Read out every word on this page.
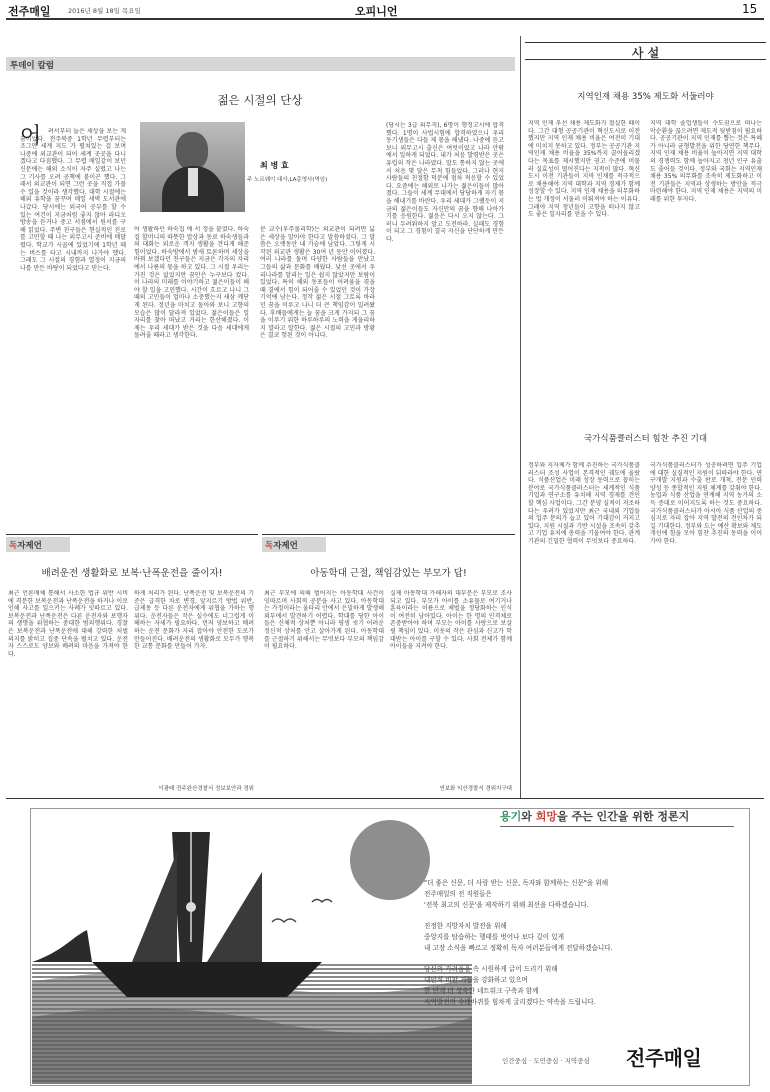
전주매일	2016년 8월 18일 목요일	오피니언	15
투데이 칼럼
젊은 시절의 단상
어	려서부터 늘은 세상을 보는 게 꿈이었다. 전주북중 1학년 무렵부터는 조그만 세계 지도 가 펼쳐있는 걸 보며 나중에 외교관이 되어 세계 곳곳을 다니겠다고 다짐했다. 그 무렵 매일같이 보던 신문에는 해외 소식이 자주 실렸고 나는 그 기사를 오려 공책에 붙이곤 했다. 그래서 외교관이 되면 그런 곳을 직접 가볼 수 있을 것이라 생각했다. 대학 시절에는 해외 유학을 꿈꾸며 매일 새벽 도서관에 나갔다. 당시에는 외국어 공부를 할 수 있는 여건이 지금처럼 좋지 않아 라디오 방송을 듣거나 중고 서점에서 원서를 구해 읽었다. 주변 친구들은 현실적인 진로를 고민할 때 나는 외무고시 준비에 매달렸다. 학교가 시골에 있었기에 1학년 때는 버스를 타고 시내까지 나가야 했다. 그래도 그 시절의 경험과 열정이 지금의 나를 만든 바탕이 되었다고 믿는다.
최 병 효
주 노르웨이 대사,LA총영사(역임)
어 생활하던 하숙집 에 서 정을 붙였다. 하숙집 할머니의 따뜻한 밥상과 동료 하숙생들과의 대화는 외로운 객지 생활을 견디게 해준 힘이었다. 하숙방에서 밤새 토론하며 세상을 바꿔 보겠다던 친구들은 지금은 각자의 자리에서 나름의 몫을 하고 있다. 그 시절 우리는 가진 것은 없었지만 꿈만은 누구보다 컸다. 이 나라의 미래를 이야기하고 젊은이들이 해야 할 일을 고민했다. 시간이 흐르고 나니 그때의 고민들이 얼마나 소중했는지 새삼 깨닫게 된다. 정년을 마치고 돌아와 보니 고향의 모습은 많이 달라져 있었다. 젊은이들은 일자리를 찾아 떠났고 거리는 한산해졌다. 이제는 우리 세대가 받은 것을 다음 세대에게 돌려줄 때라고 생각한다.
분 교수(우주물리학)는 외교관이 되려면 넓은 세상을 알아야 한다고 말씀하셨다. 그 말씀은 오랫동안 내 가슴에 남았다. 그렇게 시작된 외교관 생활은 30여 년 동안 이어졌다. 여러 나라를 돌며 다양한 사람들을 만났고 그들의 삶과 문화를 배웠다. 낯선 곳에서 우리나라를 알리는 일은 쉽지 않았지만 보람이 있었다. 특히 해외 동포들이 어려움을 겪을 때 곁에서 힘이 되어줄 수 있었던 것이 가장 기억에 남는다. 정작 젊은 시절 그토록 바라던 꿈을 이루고 나니 더 큰 책임감이 밀려왔다. 후배들에게는 늘 꿈을 크게 가지되 그 꿈을 이루기 위한 하루하루의 노력을 게을리하지 말라고 말한다. 젊은 시절의 고민과 방황은 결코 헛된 것이 아니다.
(당시는 3급 외무직), 6명이 행정고시에 합격했다. 1명이 사법시험에 합격하였으니 우리 동기생들은 다들 제 몫을 해냈다. 나중에 듣고 보니 외무고시 출신은 여럿이었고 나라 안팎에서 일하게 되었다. 내가 처음 발령받은 곳은 유럽의 작은 나라였다. 말도 통하지 않는 곳에서 처음 몇 달은 무척 힘들었다. 그러나 현지 사람들의 친절함 덕분에 점차 적응할 수 있었다. 요즘에는 해외로 나가는 젊은이들이 많아졌다. 그들이 세계 무대에서 당당하게 자기 몫을 해내기를 바란다. 우리 세대가 그랬듯이 지금의 젊은이들도 자신만의 꿈을 향해 나아가기를 응원한다. 젊음은 다시 오지 않는다. 그러니 두려워하지 말고 도전하라. 실패도 경험이 되고 그 경험이 결국 자신을 단단하게 만든다.
사 설
지역인재 채용 35% 제도화 서둘러야
지역 인재 우선 채용 제도화가 절실한 때이다. 그간 대형 공공기관이 혁신도시로 이전했지만 지역 인재 채용 비율은 여전히 기대에 미치지 못하고 있다. 정부는 공공기관 지역인재 채용 비율을 35%까지 끌어올리겠다는 목표를 제시했지만 권고 수준에 머물러 실효성이 떨어진다는 지적이 많다. 혁신도시 이전 기관들이 지역 인재를 적극적으로 채용해야 지역 대학과 지역 경제가 함께 성장할 수 있다. 지역 인재 채용을 의무화하는 법 개정이 서둘러 이뤄져야 하는 이유다. 그래야 지역 청년들이 고향을 떠나지 않고도 좋은 일자리를 얻을 수 있다.
지역 대학 졸업생들이 수도권으로 떠나는 악순환을 끊으려면 제도적 뒷받침이 필요하다. 공공기관이 지역 인재를 뽑는 것은 특혜가 아니라 균형발전을 위한 당연한 책무다. 지역 인재 채용 비율이 높아지면 지역 대학의 경쟁력도 함께 높아지고 청년 인구 유출도 줄어들 것이다. 정부와 국회는 지역인재 채용 35% 의무화를 조속히 제도화하고 이전 기관들은 지역과 상생하는 방안을 적극 마련해야 한다. 지역 인재 채용은 지역의 미래를 위한 투자다.
국가식품클러스터 힘찬 추진 기대
정부와 지자체가 함께 추진하는 국가식품클러스터 조성 사업이 본격적인 궤도에 올랐다. 식품산업은 미래 성장 동력으로 꼽히는 분야로 국가식품클러스터는 세계적인 식품 기업과 연구소를 유치해 지역 경제를 견인할 핵심 사업이다. 그간 분양 실적이 저조하다는 우려가 있었지만 최근 국내외 기업들의 입주 문의가 늘고 있어 기대감이 커지고 있다. 지원 시설과 기반 시설을 조속히 갖추고 기업 유치에 총력을 기울여야 한다. 관계 기관의 긴밀한 협력이 무엇보다 중요하다.
국가식품클러스터가 성공하려면 입주 기업에 대한 실질적인 지원이 뒤따라야 한다. 연구개발 지원과 수출 판로 개척, 전문 인력 양성 등 종합적인 지원 체계를 갖춰야 한다. 농업과 식품 산업을 연계해 지역 농가의 소득 증대로 이어지도록 하는 것도 중요하다. 국가식품클러스터가 아시아 식품 산업의 중심지로 자리 잡아 지역 발전의 견인차가 되길 기대한다. 정부와 도는 예산 확보와 제도 개선에 힘을 모아 힘찬 추진의 동력을 이어가야 한다.
독자제언
배려운전 생활화로 보복·난폭운전을 줄이자!
최근 언론매체 통해서 사소한 법규 위반 시비에 격분한 보복운전과 난폭운전을 하거나 이로 인해 사고를 일으키는 사례가 잇따르고 있다. 보복운전과 난폭운전은 다른 운전자와 보행자의 생명을 위협하는 중대한 범죄행위다. 경찰은 보복운전과 난폭운전에 대해 강력한 처벌 의지를 밝히고 집중 단속을 펼치고 있다. 운전자 스스로도 양보와 배려의 마음을 가져야 한다.
하게 처리가 된다. 난폭운전 및 보복운전의 기준은 급격한 차로 변경, 앞지르기 방법 위반, 급제동 등 다른 운전자에게 위협을 가하는 행위다. 운전자들은 작은 실수에도 너그럽게 이해하는 자세가 필요하다. 먼저 양보하고 배려하는 운전 문화가 자리 잡아야 안전한 도로가 만들어진다. 배려운전의 생활화로 모두가 행복한 교통 문화를 만들어 가자.
이광태 전주완산경찰서 정보보안과 경위
독자제언
아동학대 근절, 책임감있는 부모가 답!
최근 부모에 의해 벌어지는 아동학대 사건이 잇따르며 사회적 공분을 사고 있다. 아동학대는 가정이라는 울타리 안에서 은밀하게 발생해 외부에서 발견하기 어렵다. 학대를 당한 아이들은 신체적 상처뿐 아니라 평생 씻기 어려운 정신적 상처를 안고 살아가게 된다. 아동학대를 근절하기 위해서는 무엇보다 부모의 책임감이 필요하다.
실제 아동학대 가해자의 대부분은 부모로 조사되고 있다. 부모가 아이를 소유물로 여기거나 훈육이라는 이름으로 체벌을 정당화하는 인식이 여전히 남아있다. 아이는 한 명의 인격체로 존중받아야 하며 부모는 아이를 사랑으로 보살필 책임이 있다. 이웃의 작은 관심과 신고가 학대받는 아이를 구할 수 있다. 사회 전체가 함께 아이들을 지켜야 한다.
연보화 익산경찰서 경위지구대
용기와 희망을 주는 인간을 위한 정론지
"더 좋은 신문, 더 사랑 받는 신문, 독자와 함께하는 신문"을 위해
전주매일의 전 직원들은
'전북 최고의 신문'을 제작하기 위해 최선을 다하겠습니다.
진정한 지방자치 발전을 위해
중앙지를 탐습하는 행태를 벗어나 보다 깊이 있게
내 고장 소식을 빠르고 정확히 독자 여러분들에게 전달하겠습니다.
당신의 가려움을 속 시원하게 긁어 드리기 위해
대안적 비판 기능을 강화하고 있으며
한 단계 더 성숙한 네트워크 구축과 함께
지역발전의 수레바퀴를 힘차게 굴리겠다는 약속을 드립니다.
인간중심 · 도민중심 · 지역중심 전주매일
